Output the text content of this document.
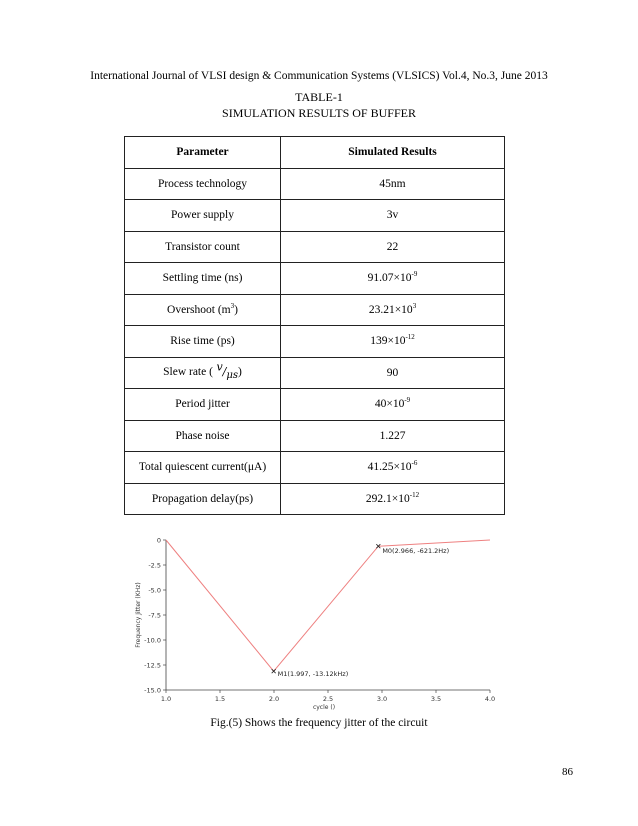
International Journal of VLSI design & Communication Systems (VLSICS) Vol.4, No.3, June 2013
TABLE-1
SIMULATION RESULTS OF BUFFER
Parameter	Simulated Results
Process technology	45nm
Power supply	3v
Transistor count	22
Settling time (ns)	$91.07\times 10^{-9}$
Overshoot $(m^3)$	$23.21\times 10^3$
Rise time (ps)	$139\times 10^{-12}$
Slew rate ( $^v/_{\mu s}$)	90
Period jitter	$40\times 10^{-9}$
Phase noise	1.227
Total quiescent current(μA)	$41.25\times 10^{-6}$
Propagation delay(ps)	$292.1\times 10^{-12}$
0
-2.5
-5.0
-7.5
-10.0
-12.5
-15.0
1.0	1.5	2.0	2.5	3.0	3.5	4.0
cycle ()
Frequency Jitter (KHz)
M1(1.997, -13.12kHz)
M0(2.966, -621.2Hz)
Fig.(5) Shows the frequency jitter of the circuit
86
